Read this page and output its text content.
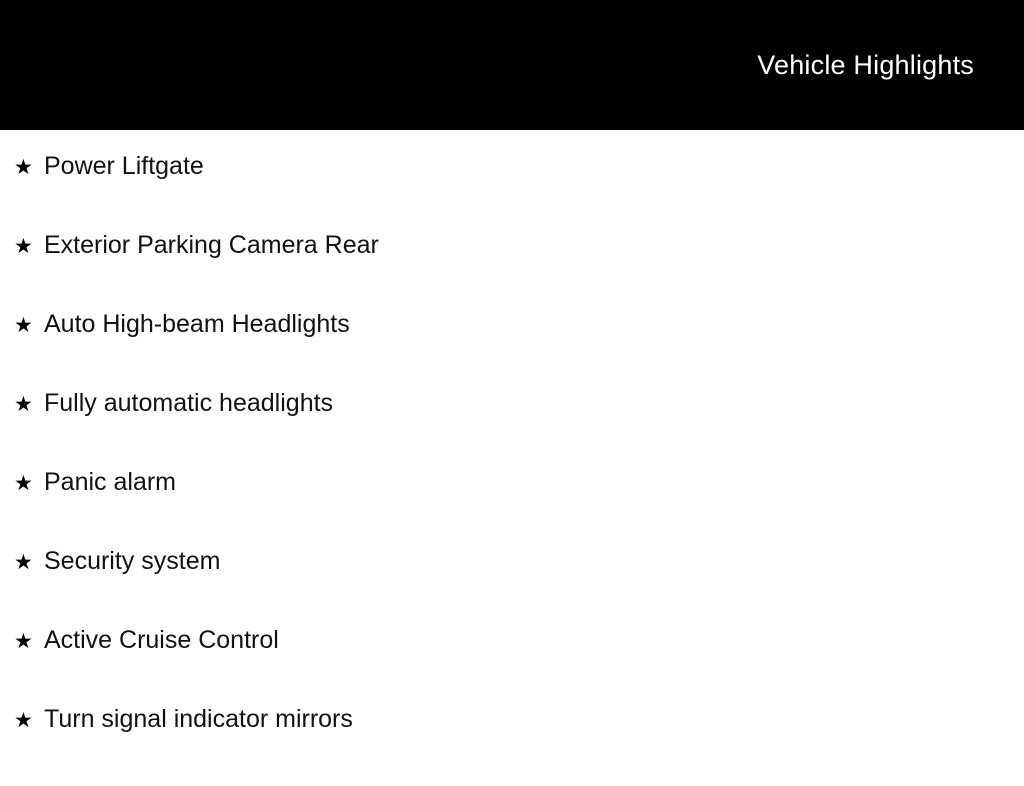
Vehicle Highlights
★ Power Liftgate
★ Exterior Parking Camera Rear
★ Auto High-beam Headlights
★ Fully automatic headlights
★ Panic alarm
★ Security system
★ Active Cruise Control
★ Turn signal indicator mirrors
